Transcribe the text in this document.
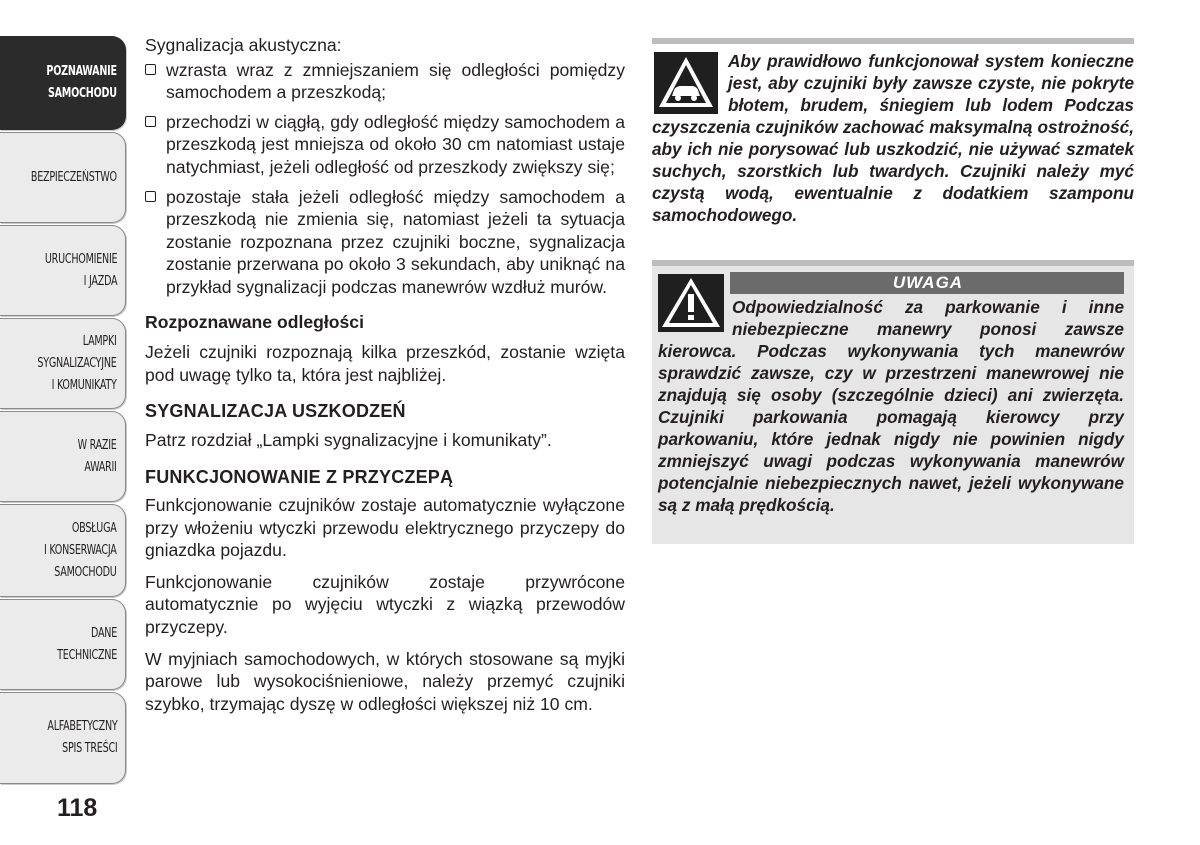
POZNAWANIE
SAMOCHODU
BEZPIECZEŃSTWO
URUCHOMIENIE
I JAZDA
LAMPKI
SYGNALIZACYJNE
I KOMUNIKATY
W RAZIE
AWARII
OBSŁUGA
I KONSERWACJA
SAMOCHODU
DANE
TECHNICZNE
ALFABETYCZNY
SPIS TREŚCI
118

Sygnalizacja akustyczna:

wzrasta wraz z zmniejszaniem się odległości pomiędzy samochodem a przeszkodą;
przechodzi w ciągłą, gdy odległość między samochodem a przeszkodą jest mniejsza od około 30 cm natomiast ustaje natychmiast, jeżeli odległość od przeszkody zwiększy się;
pozostaje stała jeżeli odległość między samochodem a przeszkodą nie zmienia się, natomiast jeżeli ta sytuacja zostanie rozpoznana przez czujniki boczne, sygnalizacja zostanie przerwana po około 3 sekundach, aby uniknąć na przykład sygnalizacji podczas manewrów wzdłuż murów.

Rozpoznawane odległości

Jeżeli czujniki rozpoznają kilka przeszkód, zostanie wzięta pod uwagę tylko ta, która jest najbliżej.

SYGNALIZACJA USZKODZEŃ

Patrz rozdział „Lampki sygnalizacyjne i komunikaty”.

FUNKCJONOWANIE Z PRZYCZEPĄ

Funkcjonowanie czujników zostaje automatycznie wyłączone przy włożeniu wtyczki przewodu elektrycznego przyczepy do gniazdka pojazdu.

Funkcjonowanie czujników zostaje przywrócone automatycznie po wyjęciu wtyczki z wiązką przewodów przyczepy.

W myjniach samochodowych, w których stosowane są myjki parowe lub wysokociśnieniowe, należy przemyć czujniki szybko, trzymając dyszę w odległości większej niż 10 cm.

Aby prawidłowo funkcjonował system konieczne jest, aby czujniki były zawsze czyste, nie pokryte błotem, brudem, śniegiem lub lodem Podczas czyszczenia czujników zachować maksymalną ostrożność, aby ich nie porysować lub uszkodzić, nie używać szmatek suchych, szorstkich lub twardych. Czujniki należy myć czystą wodą, ewentualnie z dodatkiem szamponu samochodowego.
UWAGA
Odpowiedzialność za parkowanie i inne niebezpieczne manewry ponosi zawsze kierowca. Podczas wykonywania tych manewrów sprawdzić zawsze, czy w przestrzeni manewrowej nie znajdują się osoby (szczególnie dzieci) ani zwierzęta. Czujniki parkowania pomagają kierowcy przy parkowaniu, które jednak nigdy nie powinien nigdy zmniejszyć uwagi podczas wykonywania manewrów potencjalnie niebezpiecznych nawet, jeżeli wykonywane są z małą prędkością.
